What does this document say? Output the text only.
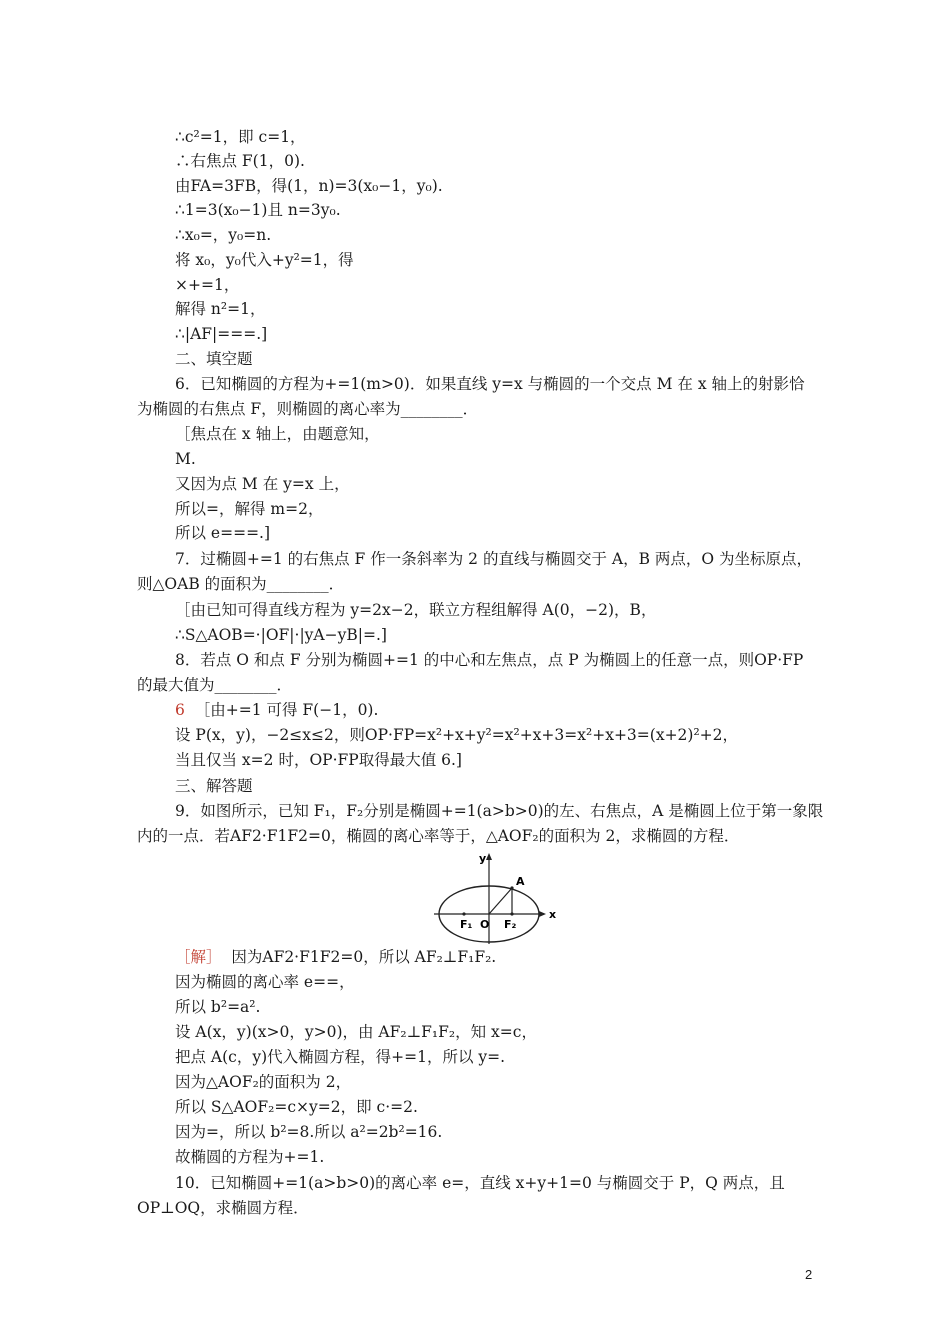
∴c²=1，即 c=1，
∴右焦点 F(1，0).
由FA=3FB，得(1，n)=3(x₀−1，y₀).
∴1=3(x₀−1)且 n=3y₀.
∴x₀=，y₀=n.
将 x₀，y₀代入+y²=1，得
×+=1，
解得 n²=1，
∴|AF|===.]
二、填空题
6．已知椭圆的方程为+=1(m>0)．如果直线 y=x 与椭圆的一个交点 M 在 x 轴上的射影恰
为椭圆的右焦点 F，则椭圆的离心率为________．
［焦点在 x 轴上，由题意知，
M.
又因为点 M 在 y=x 上，
所以=，解得 m=2，
所以 e===.]
7．过椭圆+=1 的右焦点 F 作一条斜率为 2 的直线与椭圆交于 A，B 两点，O 为坐标原点，
则△OAB 的面积为________．
［由已知可得直线方程为 y=2x−2，联立方程组解得 A(0，−2)，B，
∴S△AOB=·|OF|·|yA−yB|=.]
8．若点 O 和点 F 分别为椭圆+=1 的中心和左焦点，点 P 为椭圆上的任意一点，则OP·FP
的最大值为________．
设 P(x，y)，−2≤x≤2，则OP·FP=x²+x+y²=x²+x+3=x²+x+3=(x+2)²+2，
当且仅当 x=2 时，OP·FP取得最大值 6.]
三、解答题
9．如图所示，已知 F₁，F₂分别是椭圆+=1(a>b>0)的左、右焦点，A 是椭圆上位于第一象限
内的一点．若AF2·F1F2=0，椭圆的离心率等于，△AOF₂的面积为 2，求椭圆的方程．
因为椭圆的离心率 e==，
所以 b²=a².
设 A(x，y)(x>0，y>0)，由 AF₂⊥F₁F₂，知 x=c，
把点 A(c，y)代入椭圆方程，得+=1，所以 y=.
因为△AOF₂的面积为 2，
所以 S△AOF₂=c×y=2，即 c·=2.
因为=，所以 b²=8.所以 a²=2b²=16.
故椭圆的方程为+=1.
10．已知椭圆+=1(a>b>0)的离心率 e=，直线 x+y+1=0 与椭圆交于 P，Q 两点，且
OP⊥OQ，求椭圆方程．
6 ［由+=1 可得 F(−1，0).
［解］ 因为AF2·F1F2=0，所以 AF₂⊥F₁F₂.
y
x
A
O
F₁	F₂
2
